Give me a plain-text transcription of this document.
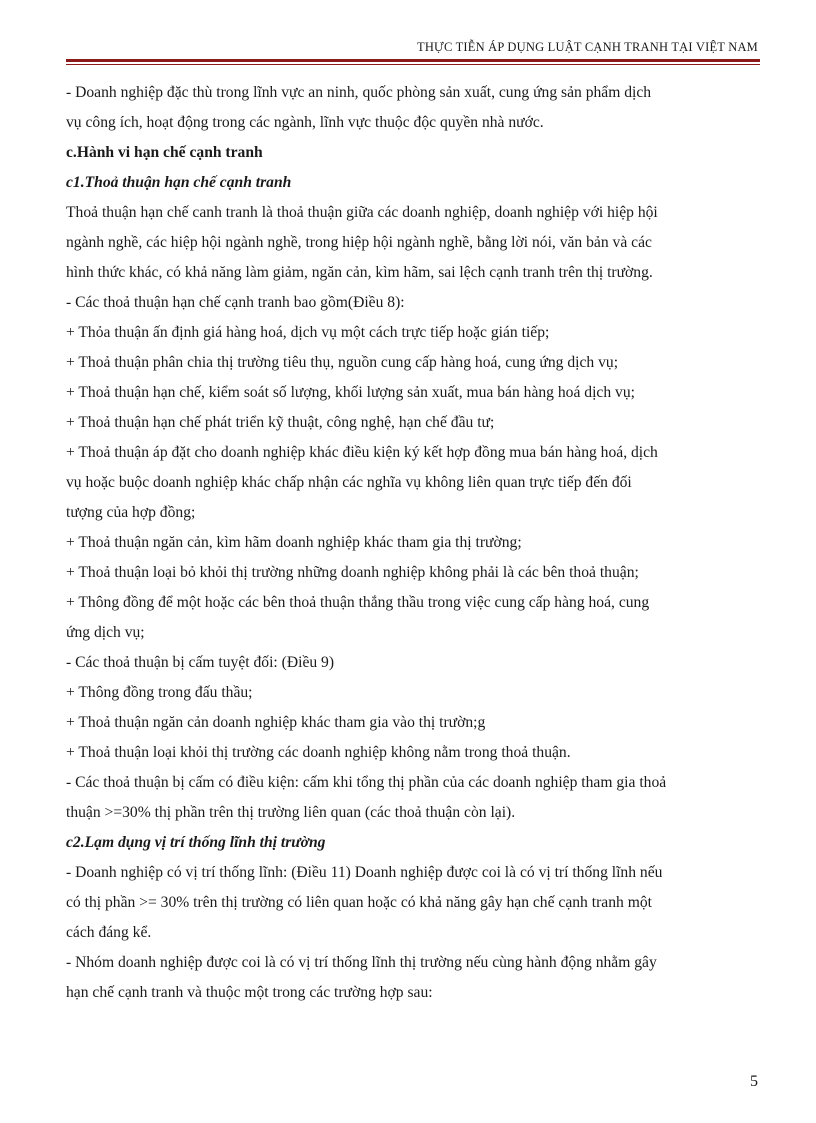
THỰC TIỄN ÁP DỤNG LUẬT CẠNH TRANH TẠI VIỆT NAM
- Doanh nghiệp đặc thù trong lĩnh vực an ninh, quốc phòng sản xuất, cung ứng sản phẩm dịch
vụ công ích, hoạt động trong các ngành, lĩnh vực thuộc độc quyền nhà nước.
c.Hành vi hạn chế cạnh tranh
c1.Thoả thuận hạn chế cạnh tranh
Thoả thuận hạn chế canh tranh là thoả thuận giữa các doanh nghiệp, doanh nghiệp với hiệp hội
ngành nghề, các hiệp hội ngành nghề, trong hiệp hội ngành nghề, bằng lời nói, văn bản và các
hình thức khác, có khả năng làm giảm, ngăn cản, kìm hãm, sai lệch cạnh tranh trên thị trường.
- Các thoả thuận hạn chế cạnh tranh bao gồm(Điều 8):
+ Thỏa thuận ấn định giá hàng hoá, dịch vụ một cách trực tiếp hoặc gián tiếp;
+ Thoả thuận phân chia thị trường tiêu thụ, nguồn cung cấp hàng hoá, cung ứng dịch vụ;
+ Thoả thuận hạn chế, kiểm soát số lượng, khối lượng sản xuất, mua bán hàng hoá dịch vụ;
+ Thoả thuận hạn chế phát triển kỹ thuật, công nghệ, hạn chế đầu tư;
+ Thoả thuận áp đặt cho doanh nghiệp khác điều kiện ký kết hợp đồng mua bán hàng hoá, dịch
vụ hoặc buộc doanh nghiệp khác chấp nhận các nghĩa vụ không liên quan trực tiếp đến đối
tượng của hợp đồng;
+ Thoả thuận ngăn cản, kìm hãm doanh nghiệp khác tham gia thị trường;
+ Thoả thuận loại bỏ khỏi thị trường những doanh nghiệp không phải là các bên thoả thuận;
+ Thông đồng để một hoặc các bên thoả thuận thắng thầu trong việc cung cấp hàng hoá, cung
ứng dịch vụ;
- Các thoả thuận bị cấm tuyệt đối: (Điều 9)
+ Thông đồng trong đấu thầu;
+ Thoả thuận ngăn cản doanh nghiệp khác tham gia vào thị trườn;g
+ Thoả thuận loại khỏi thị trường các doanh nghiệp không nằm trong thoả thuận.
- Các thoả thuận bị cấm có điều kiện: cấm khi tổng thị phần của các doanh nghiệp tham gia thoả
thuận >=30% thị phần trên thị trường liên quan (các thoả thuận còn lại).
c2.Lạm dụng vị trí thống lĩnh thị trường
- Doanh nghiệp có vị trí thống lĩnh: (Điều 11) Doanh nghiệp được coi là có vị trí thống lĩnh nếu
có thị phần >= 30% trên thị trường có liên quan hoặc có khả năng gây hạn chế cạnh tranh một
cách đáng kể.
- Nhóm doanh nghiệp được coi là có vị trí thống lĩnh thị trường nếu cùng hành động nhằm gây
hạn chế cạnh tranh và thuộc một trong các trường hợp sau:
5
